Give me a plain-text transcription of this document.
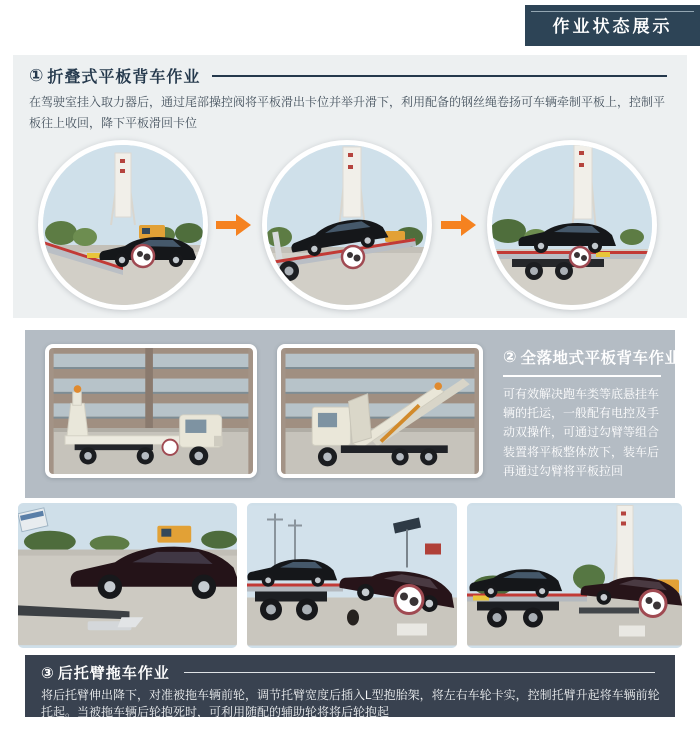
作业状态展示
① 折叠式平板背车作业
在驾驶室挂入取力器后，通过尾部操控阀将平板滑出卡位并举升滑下，利用配备的钢丝绳卷扬可车辆牵制平板上，控制平板往上收回，降下平板滑回卡位
② 全落地式平板背车作业
可有效解决跑车类等底悬挂车辆的托运，一般配有电控及手动双操作，可通过勾臂等组合装置将平板整体放下，装车后再通过勾臂将平板拉回
③ 后托臂拖车作业
将后托臂伸出降下，对准被拖车辆前轮，调节托臂宽度后插入L型抱胎架，将左右车轮卡实，控制托臂升起将车辆前轮托起。当被拖车辆后轮抱死时，可利用随配的辅助轮将将后轮抱起
